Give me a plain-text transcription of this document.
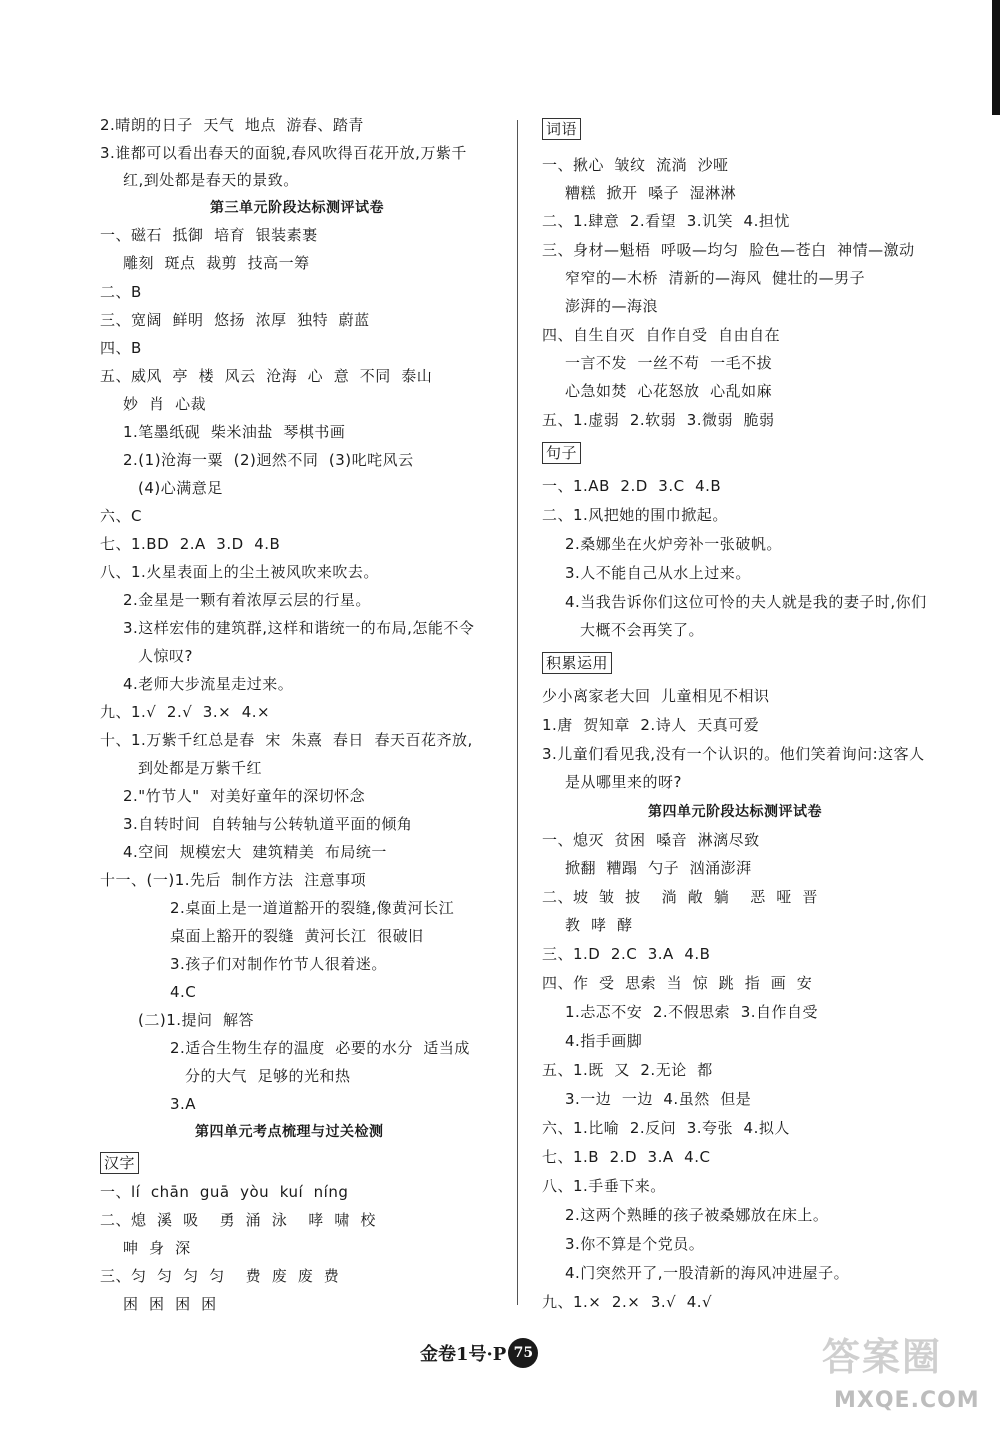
2.晴朗的日子  天气  地点  游春、踏青
3.谁都可以看出春天的面貌,春风吹得百花开放,万紫千
红,到处都是春天的景致。
第三单元阶段达标测评试卷
一、磁石  抵御  培育  银装素裹
雕刻  斑点  裁剪  技高一筹
二、B
三、宽阔  鲜明  悠扬  浓厚  独特  蔚蓝
四、B
五、威风  亭  楼  风云  沧海  心  意  不同  泰山
妙  肖  心裁
1.笔墨纸砚  柴米油盐  琴棋书画
2.(1)沧海一粟  (2)迥然不同  (3)叱咤风云
(4)心满意足
六、C
七、1.BD  2.A  3.D  4.B
八、1.火星表面上的尘土被风吹来吹去。
2.金星是一颗有着浓厚云层的行星。
3.这样宏伟的建筑群,这样和谐统一的布局,怎能不令
人惊叹?
4.老师大步流星走过来。
九、1.√  2.√  3.×  4.×
十、1.万紫千红总是春  宋  朱熹  春日  春天百花齐放,
到处都是万紫千红
2."竹节人"  对美好童年的深切怀念
3.自转时间  自转轴与公转轨道平面的倾角
4.空间  规模宏大  建筑精美  布局统一
十一、(一)1.先后  制作方法  注意事项
2.桌面上是一道道豁开的裂缝,像黄河长江
桌面上豁开的裂缝  黄河长江  很破旧
3.孩子们对制作竹节人很着迷。
4.C
(二)1.提问  解答
2.适合生物生存的温度  必要的水分  适当成
分的大气  足够的光和热
3.A
第四单元考点梳理与过关检测
汉字
一、lí  chān  guā  yòu  kuí  níng
二、熄  溪  吸    勇  涌  泳    哮  啸  校
呻  身  深
三、匀  匀  匀  匀    费  废  废  费
困  困  困  困
词语
一、揪心  皱纹  流淌  沙哑
糟糕  掀开  嗓子  湿淋淋
二、1.肆意  2.看望  3.讥笑  4.担忧
三、身材—魁梧  呼吸—均匀  脸色—苍白  神情—激动
窄窄的—木桥  清新的—海风  健壮的—男子
澎湃的—海浪
四、自生自灭  自作自受  自由自在
一言不发  一丝不苟  一毛不拔
心急如焚  心花怒放  心乱如麻
五、1.虚弱  2.软弱  3.微弱  脆弱
句子
一、1.AB  2.D  3.C  4.B
二、1.风把她的围巾掀起。
2.桑娜坐在火炉旁补一张破帆。
3.人不能自己从水上过来。
4.当我告诉你们这位可怜的夫人就是我的妻子时,你们
大概不会再笑了。
积累运用
少小离家老大回  儿童相见不相识
1.唐  贺知章  2.诗人  天真可爱
3.儿童们看见我,没有一个认识的。他们笑着询问:这客人
是从哪里来的呀?
第四单元阶段达标测评试卷
一、熄灭  贫困  嗓音  淋漓尽致
掀翻  糟蹋  勺子  汹涌澎湃
二、坡  皱  披    淌  敞  躺    恶  哑  晋
教  哮  酵
三、1.D  2.C  3.A  4.B
四、作  受  思索  当  惊  跳  指  画  安
1.忐忑不安  2.不假思索  3.自作自受
4.指手画脚
五、1.既  又  2.无论  都
3.一边  一边  4.虽然  但是
六、1.比喻  2.反问  3.夸张  4.拟人
七、1.B  2.D  3.A  4.C
八、1.手垂下来。
2.这两个熟睡的孩子被桑娜放在床上。
3.你不算是个党员。
4.门突然开了,一股清新的海风冲进屋子。
九、1.×  2.×  3.√  4.√
金卷1号·P 75	答案圈
MXQE.COM
